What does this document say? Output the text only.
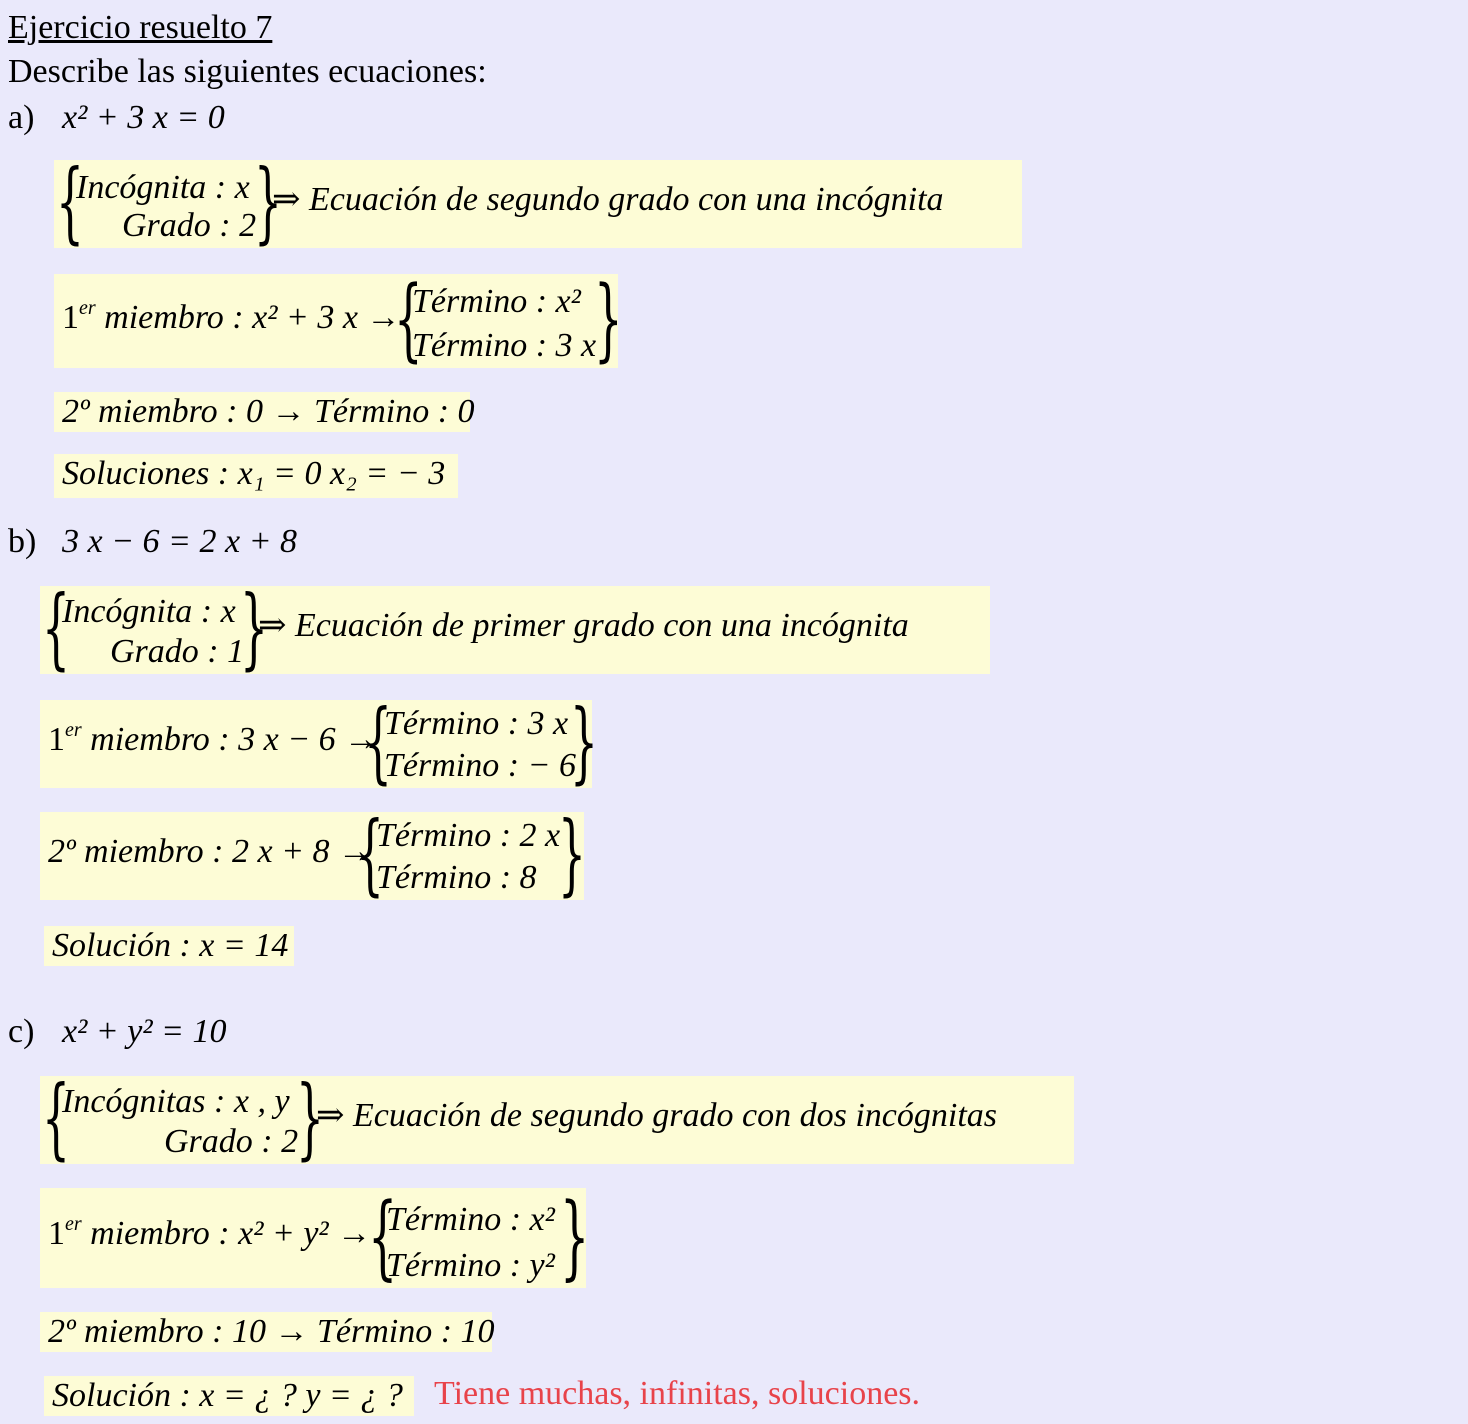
Ejercicio resuelto 7
Describe las siguientes ecuaciones:
a) x² + 3 x = 0
{
Incógnita : x
Grado : 2
}
⇒ Ecuación de segundo grado con una incógnita
1er miembro : x² + 3 x →
{
Término : x²
Término : 3 x
}
2º miembro : 0 → Término : 0
Soluciones : x₁ = 0 x₂ = − 3
b) 3 x − 6 = 2 x + 8
{
Incógnita : x
Grado : 1
}
⇒ Ecuación de primer grado con una incógnita
1er miembro : 3 x − 6 →
{
Término : 3 x
Término : − 6
}
2º miembro : 2 x + 8 →
{
Término : 2 x
Término : 8 }
Solución : x = 14
c) x² + y² = 10
{
Incógnitas : x , y
Grado : 2
}
⇒ Ecuación de segundo grado con dos incógnitas
1er miembro : x² + y² →
{
Término : x²
Término : y² }
2º miembro : 10 → Término : 10
Solución : x = ¿ ? y = ¿ ? Tiene muchas, infinitas, soluciones.
